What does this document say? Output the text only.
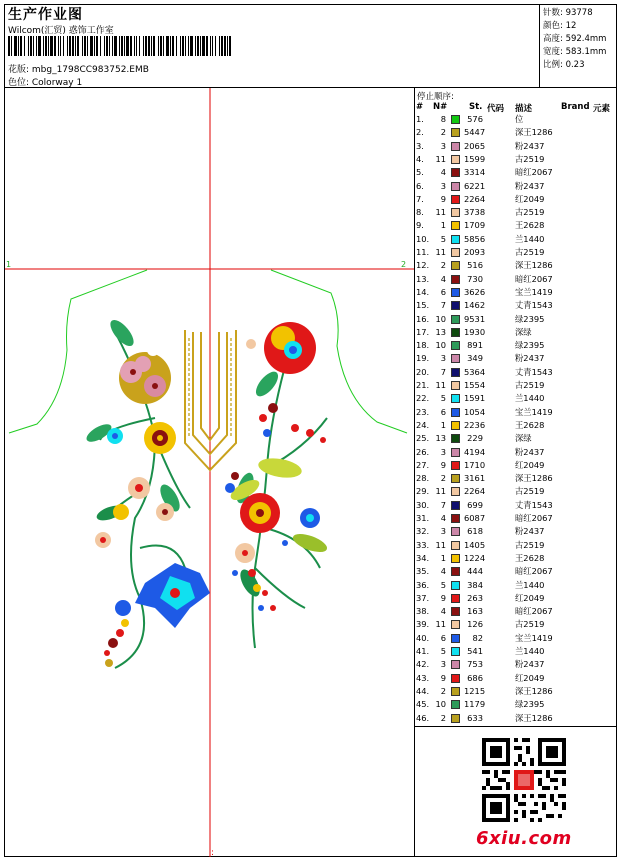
生产作业图
Wilcom(汇贸) 惑饰工作室
花版: mbg_1798CC983752.EMB
色位: Colorway 1
针数: 93778
颜色: 12
高度: 592.4mm
宽度: 583.1mm
比例: 0.23
停止顺序:
# N#	St. 代码 描述	Brand 元素
1.	8	576	位
2.	2 5447	深王1286
3.	3 2065	粉2437
4.	11 1599	古2519
5.	4 3314	暗红2067
6.	3 6221	粉2437
7.	9 2264	红2049
8.	11 3738	古2519
9.	1 1709	王2628
10.	5 5856	兰1440
11. 11 2093	古2519
12.	2	516	深王1286
13.	4	730	暗红2067
14.	6 3626	宝兰1419
15.	7 1462	丈青1543
16. 10 9531	绿2395
17. 13 1930	深绿
18. 10	891	绿2395
19.	3	349	粉2437
20.	7 5364	丈青1543
21. 11 1554	古2519
22.	5 1591	兰1440
23.	6 1054	宝兰1419
24.	1 2236	王2628
25. 13	229	深绿
26.	3 4194	粉2437
27.	9 1710	红2049
28.	2 3161	深王1286
29. 11 2264	古2519
30.	7	699	丈青1543
31.	4 6087	暗红2067
32.	3	618	粉2437
33. 11 1405	古2519
34.	1 1224	王2628
35.	4	444	暗红2067
36.	5	384	兰1440
37.	9	263	红2049
38.	4	163	暗红2067
39. 11	126	古2519
40.	6	82	宝兰1419
41.	5	541	兰1440
42.	3	753	粉2437
43.	9	686	红2049
44.	2 1215	深王1286
45. 10 1179	绿2395
46.	2	633	深王1286
1	2
:
6xiu.com
